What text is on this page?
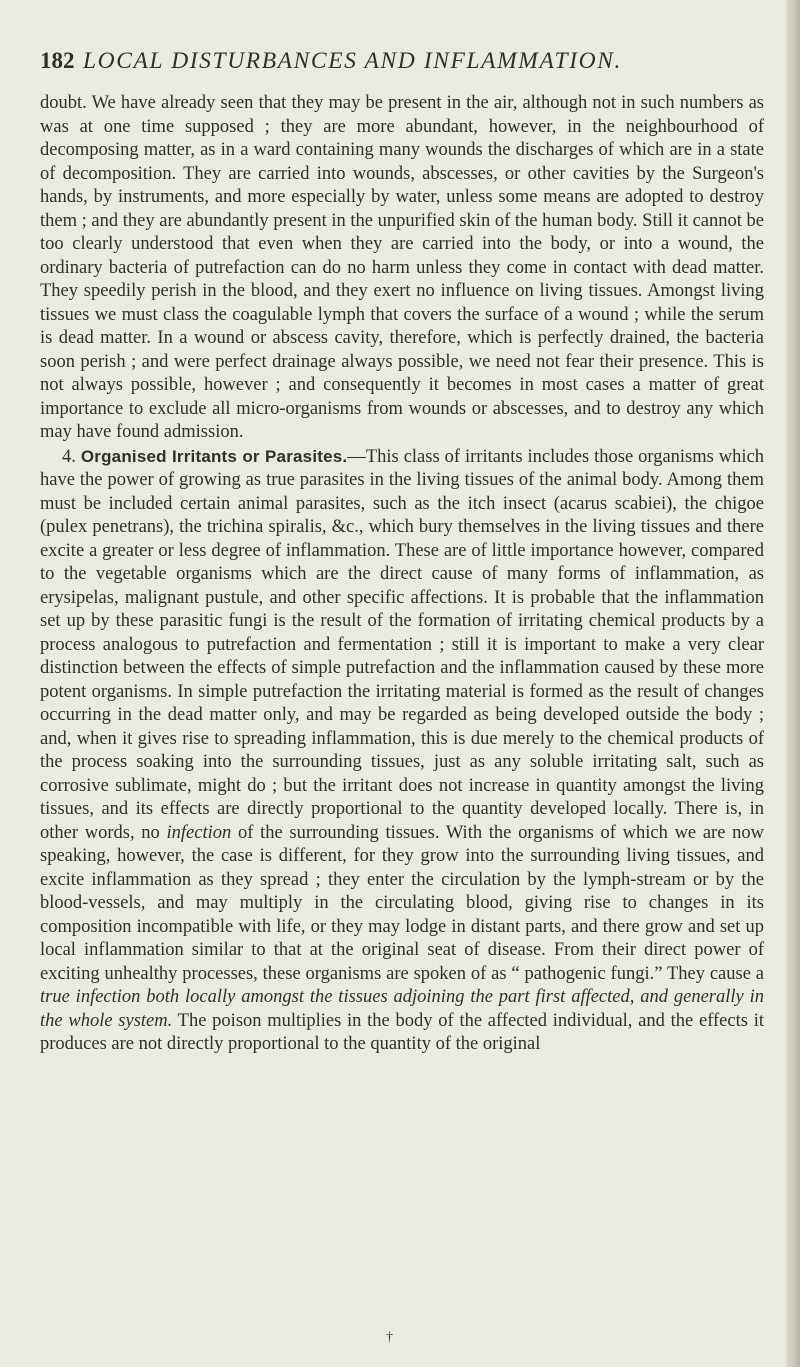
182 LOCAL DISTURBANCES AND INFLAMMATION.

doubt. We have already seen that they may be present in the air, although not in such numbers as was at one time supposed ; they are more abundant, however, in the neighbourhood of decomposing matter, as in a ward containing many wounds the discharges of which are in a state of decomposition. They are carried into wounds, abscesses, or other cavities by the Surgeon's hands, by instruments, and more especially by water, unless some means are adopted to destroy them ; and they are abundantly present in the unpurified skin of the human body. Still it cannot be too clearly understood that even when they are carried into the body, or into a wound, the ordinary bacteria of putrefaction can do no harm unless they come in contact with dead matter. They speedily perish in the blood, and they exert no influence on living tissues. Amongst living tissues we must class the coagulable lymph that covers the surface of a wound ; while the serum is dead matter. In a wound or abscess cavity, therefore, which is perfectly drained, the bacteria soon perish ; and were perfect drainage always possible, we need not fear their presence. This is not always possible, however ; and consequently it becomes in most cases a matter of great importance to exclude all micro-organisms from wounds or abscesses, and to destroy any which may have found admission.

4. Organised Irritants or Parasites.—This class of irritants includes those organisms which have the power of growing as true parasites in the living tissues of the animal body. Among them must be included certain animal parasites, such as the itch insect (acarus scabiei), the chigoe (pulex penetrans), the trichina spiralis, &c., which bury themselves in the living tissues and there excite a greater or less degree of inflammation. These are of little importance however, compared to the vegetable organisms which are the direct cause of many forms of inflammation, as erysipelas, malignant pustule, and other specific affections. It is probable that the inflammation set up by these parasitic fungi is the result of the formation of irritating chemical products by a process analogous to putrefaction and fermentation ; still it is important to make a very clear distinction between the effects of simple putrefaction and the inflammation caused by these more potent organisms. In simple putrefaction the irritating material is formed as the result of changes occurring in the dead matter only, and may be regarded as being developed outside the body ; and, when it gives rise to spreading inflammation, this is due merely to the chemical products of the process soaking into the surrounding tissues, just as any soluble irritating salt, such as corrosive sublimate, might do ; but the irritant does not increase in quantity amongst the living tissues, and its effects are directly proportional to the quantity developed locally. There is, in other words, no infection of the surrounding tissues. With the organisms of which we are now speaking, however, the case is different, for they grow into the surrounding living tissues, and excite inflammation as they spread ; they enter the circulation by the lymph-stream or by the blood-vessels, and may multiply in the circulating blood, giving rise to changes in its composition incompatible with life, or they may lodge in distant parts, and there grow and set up local inflammation similar to that at the original seat of disease. From their direct power of exciting unhealthy processes, these organisms are spoken of as “ pathogenic fungi.” They cause a true infection both locally amongst the tissues adjoining the part first affected, and generally in the whole system. The poison multiplies in the body of the affected individual, and the effects it produces are not directly proportional to the quantity of the original

†
